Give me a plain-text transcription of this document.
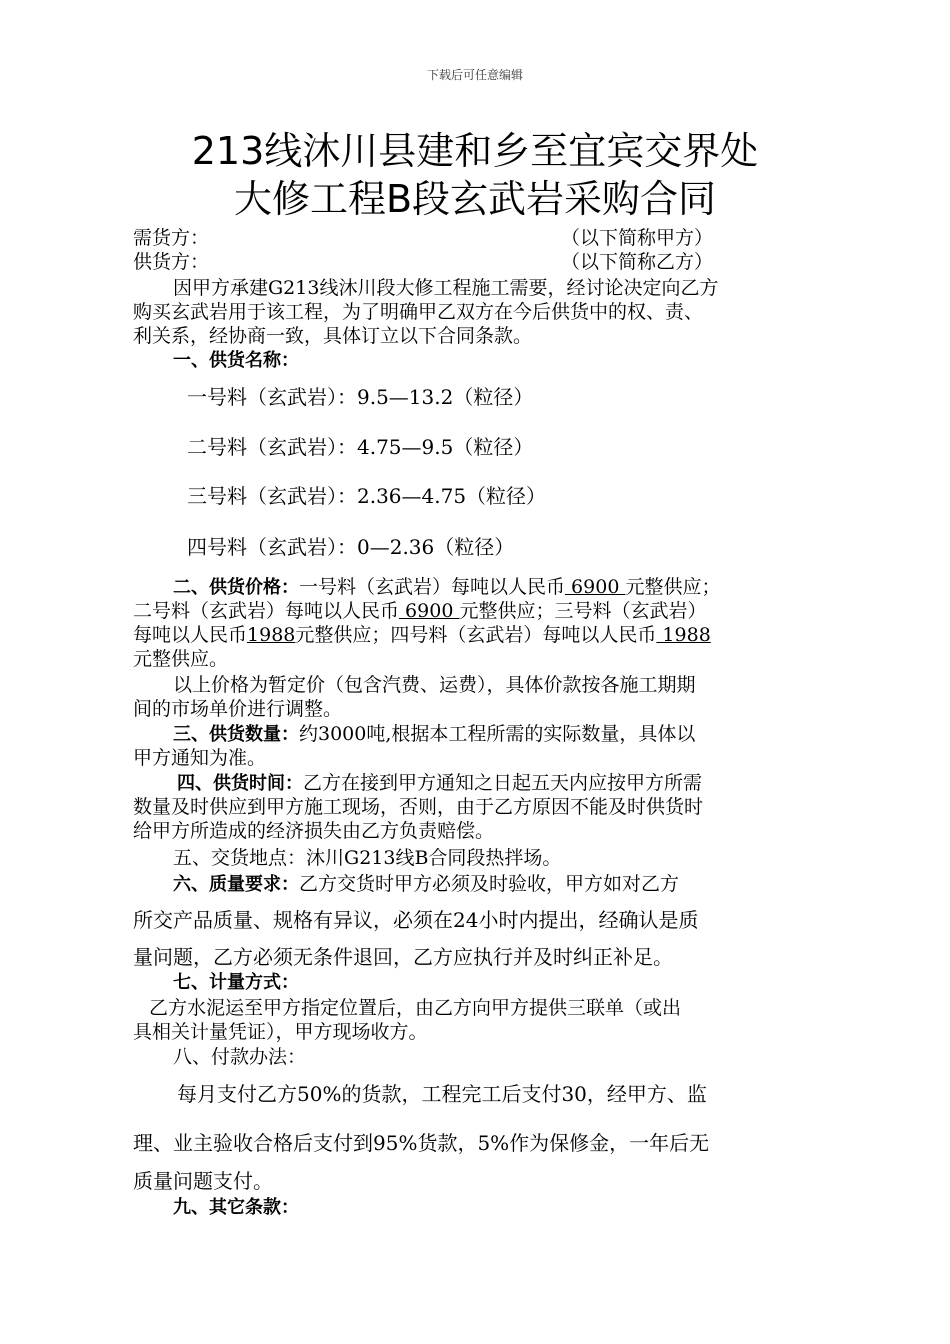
下载后可任意编辑
213线沐川县建和乡至宜宾交界处
大修工程B段玄武岩采购合同
需货方：	（以下简称甲方）
供货方：	（以下简称乙方）
因甲方承建G213线沐川段大修工程施工需要，经讨论决定向乙方
购买玄武岩用于该工程，为了明确甲乙双方在今后供货中的权、责、
利关系，经协商一致，具体订立以下合同条款。
一、供货名称：
一号料（玄武岩）：9.5—13.2（粒径）
二号料（玄武岩）：4.75—9.5（粒径）
三号料（玄武岩）：2.36—4.75（粒径）
四号料（玄武岩）：0—2.36（粒径）
二、供货价格：一号料（玄武岩）每吨以人民币 6900 元整供应；
二号料（玄武岩）每吨以人民币 6900 元整供应；三号料（玄武岩）
每吨以人民币1988元整供应；四号料（玄武岩）每吨以人民币 1988
元整供应。
以上价格为暂定价（包含汽费、运费），具体价款按各施工期期
间的市场单价进行调整。
三、供货数量：约3000吨,根据本工程所需的实际数量，具体以
甲方通知为准。
四、供货时间：乙方在接到甲方通知之日起五天内应按甲方所需
数量及时供应到甲方施工现场，否则，由于乙方原因不能及时供货时
给甲方所造成的经济损失由乙方负责赔偿。
五、交货地点：沐川G213线B合同段热拌场。
六、质量要求：乙方交货时甲方必须及时验收，甲方如对乙方
所交产品质量、规格有异议，必须在24小时内提出，经确认是质
量问题，乙方必须无条件退回，乙方应执行并及时纠正补足。
七、计量方式：
乙方水泥运至甲方指定位置后，由乙方向甲方提供三联单（或出
具相关计量凭证），甲方现场收方。
八、付款办法：
每月支付乙方50%的货款，工程完工后支付30，经甲方、监
理、业主验收合格后支付到95%货款，5%作为保修金，一年后无
质量问题支付。
九、其它条款：
